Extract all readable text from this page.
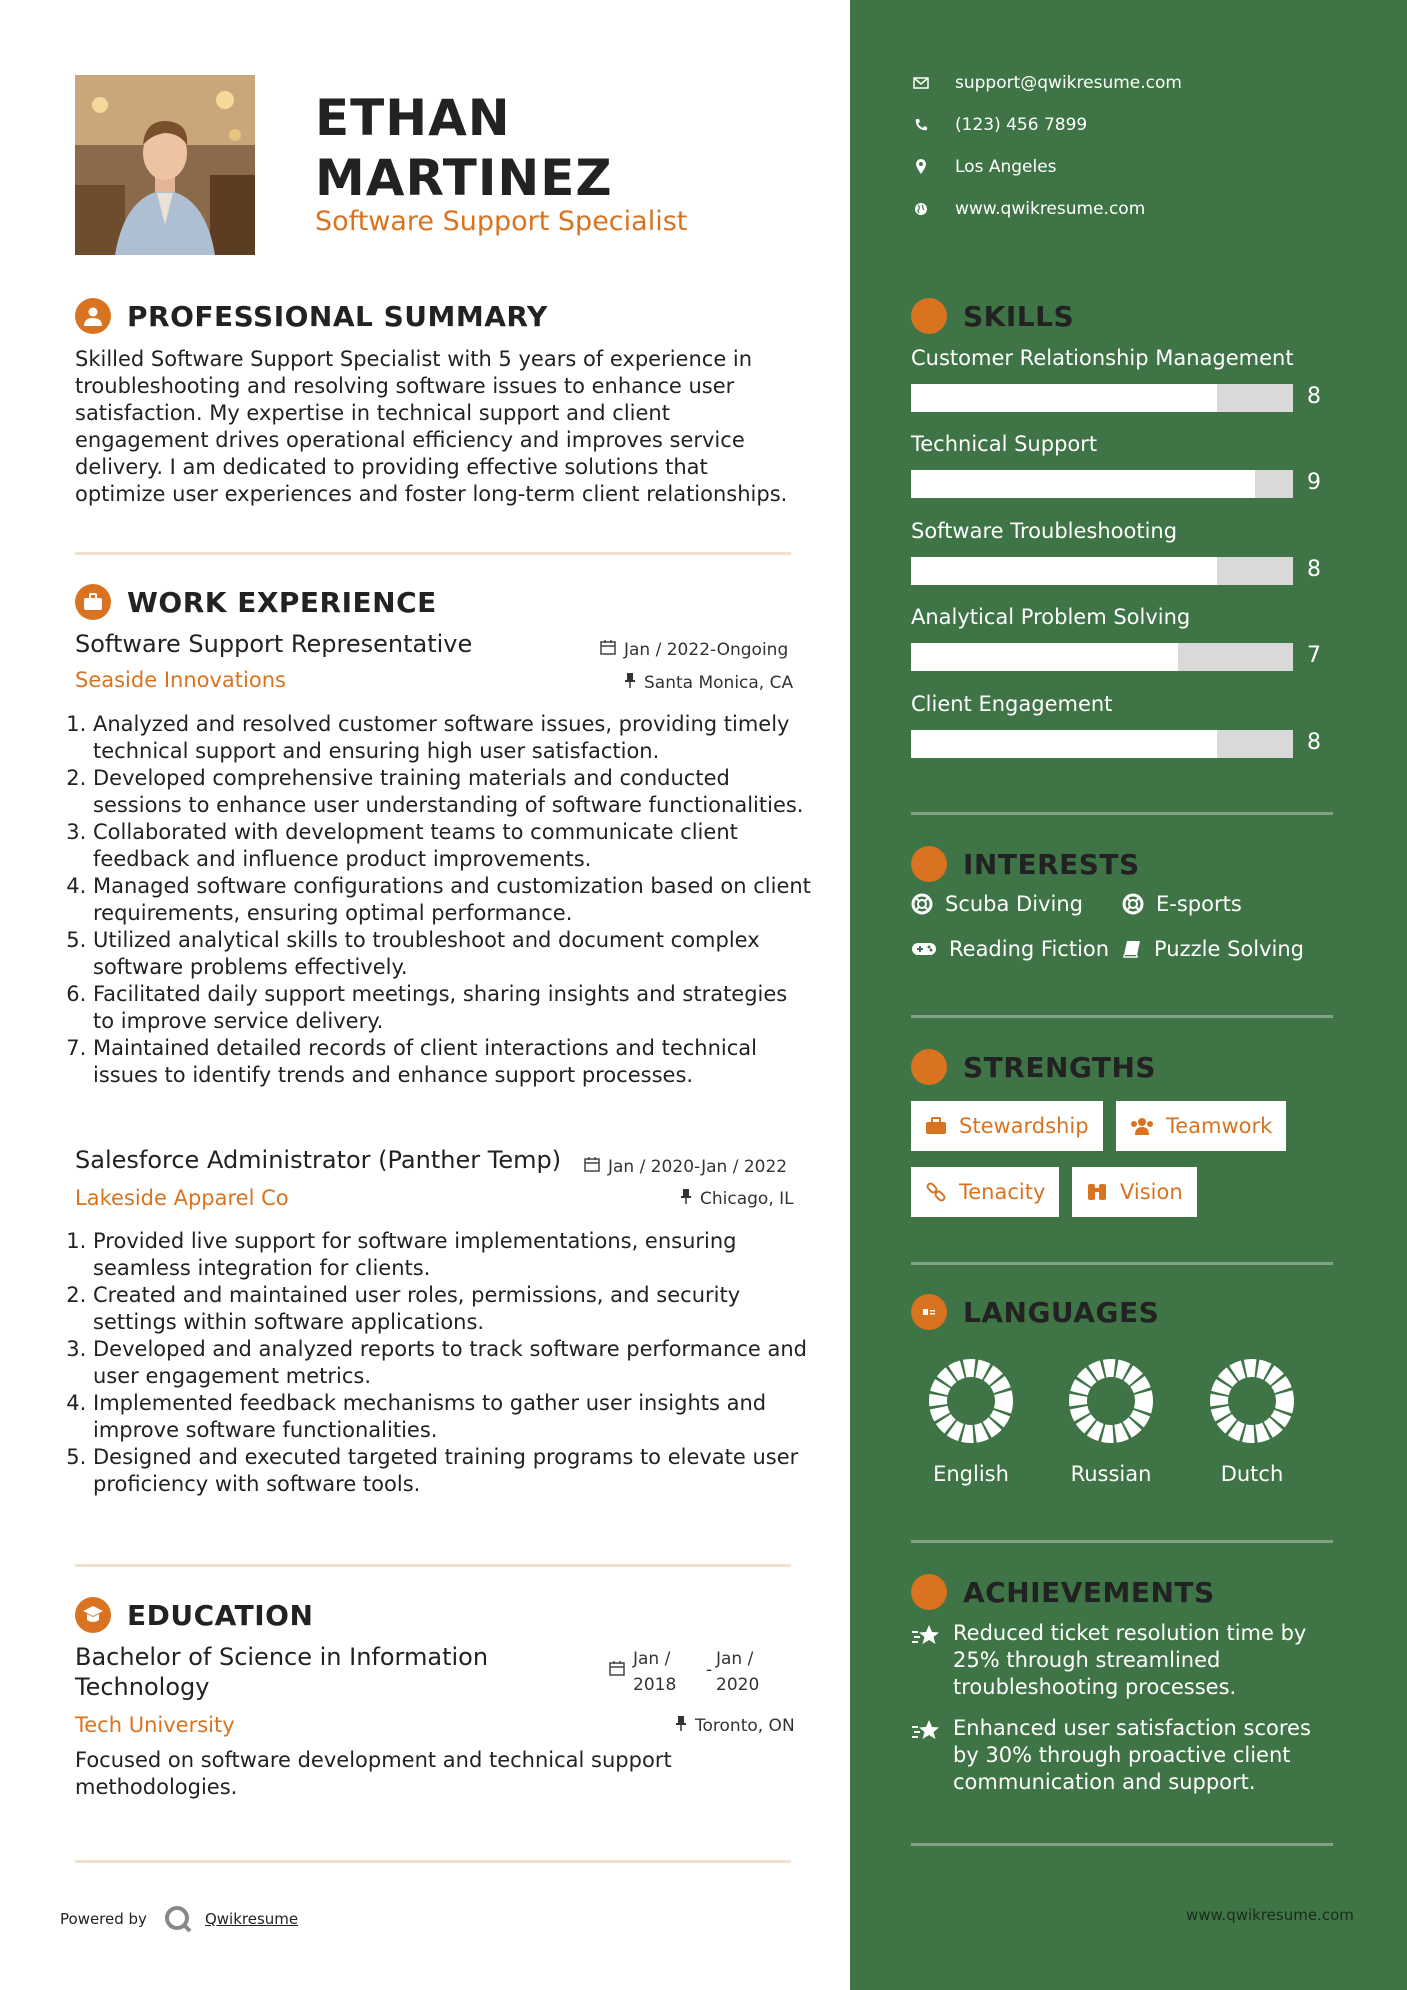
ETHAN
MARTINEZ
Software Support Specialist
PROFESSIONAL SUMMARY
Skilled Software Support Specialist with 5 years of experience in
troubleshooting and resolving software issues to enhance user
satisfaction. My expertise in technical support and client
engagement drives operational efficiency and improves service
delivery. I am dedicated to providing effective solutions that
optimize user experiences and foster long-term client relationships.
WORK EXPERIENCE
Software Support Representative	Jan / 2022-Ongoing
Seaside Innovations	Santa Monica, CA
1. Analyzed and resolved customer software issues, providing timely technical support and ensuring high user satisfaction.
2. Developed comprehensive training materials and conducted sessions to enhance user understanding of software functionalities.
3. Collaborated with development teams to communicate client feedback and influence product improvements.
4. Managed software configurations and customization based on client requirements, ensuring optimal performance.
5. Utilized analytical skills to troubleshoot and document complex software problems effectively.
6. Facilitated daily support meetings, sharing insights and strategies to improve service delivery.
7. Maintained detailed records of client interactions and technical issues to identify trends and enhance support processes.
Salesforce Administrator (Panther Temp)	Jan / 2020-Jan / 2022
Lakeside Apparel Co	Chicago, IL
1. Provided live support for software implementations, ensuring seamless integration for clients.
2. Created and maintained user roles, permissions, and security settings within software applications.
3. Developed and analyzed reports to track software performance and user engagement metrics.
4. Implemented feedback mechanisms to gather user insights and improve software functionalities.
5. Designed and executed targeted training programs to elevate user proficiency with software tools.
EDUCATION
Bachelor of Science in Information
Technology
Jan /
2018
-
Jan /
2020
Tech University	Toronto, ON
Focused on software development and technical support
methodologies.
Powered by	Qwikresume
support@qwikresume.com
(123) 456 7899
Los Angeles
www.qwikresume.com
SKILLS
Customer Relationship Management
8
Technical Support
9
Software Troubleshooting
8
Analytical Problem Solving
7
Client Engagement
8
INTERESTS
Scuba Diving	E-sports
Reading Fiction Puzzle Solving
STRENGTHS
Stewardship	Teamwork
Tenacity	Vision
LANGUAGES
English	Russian	Dutch
ACHIEVEMENTS
Reduced ticket resolution time by 25% through streamlined troubleshooting processes.
Enhanced user satisfaction scores by 30% through proactive client communication and support.
www.qwikresume.com
